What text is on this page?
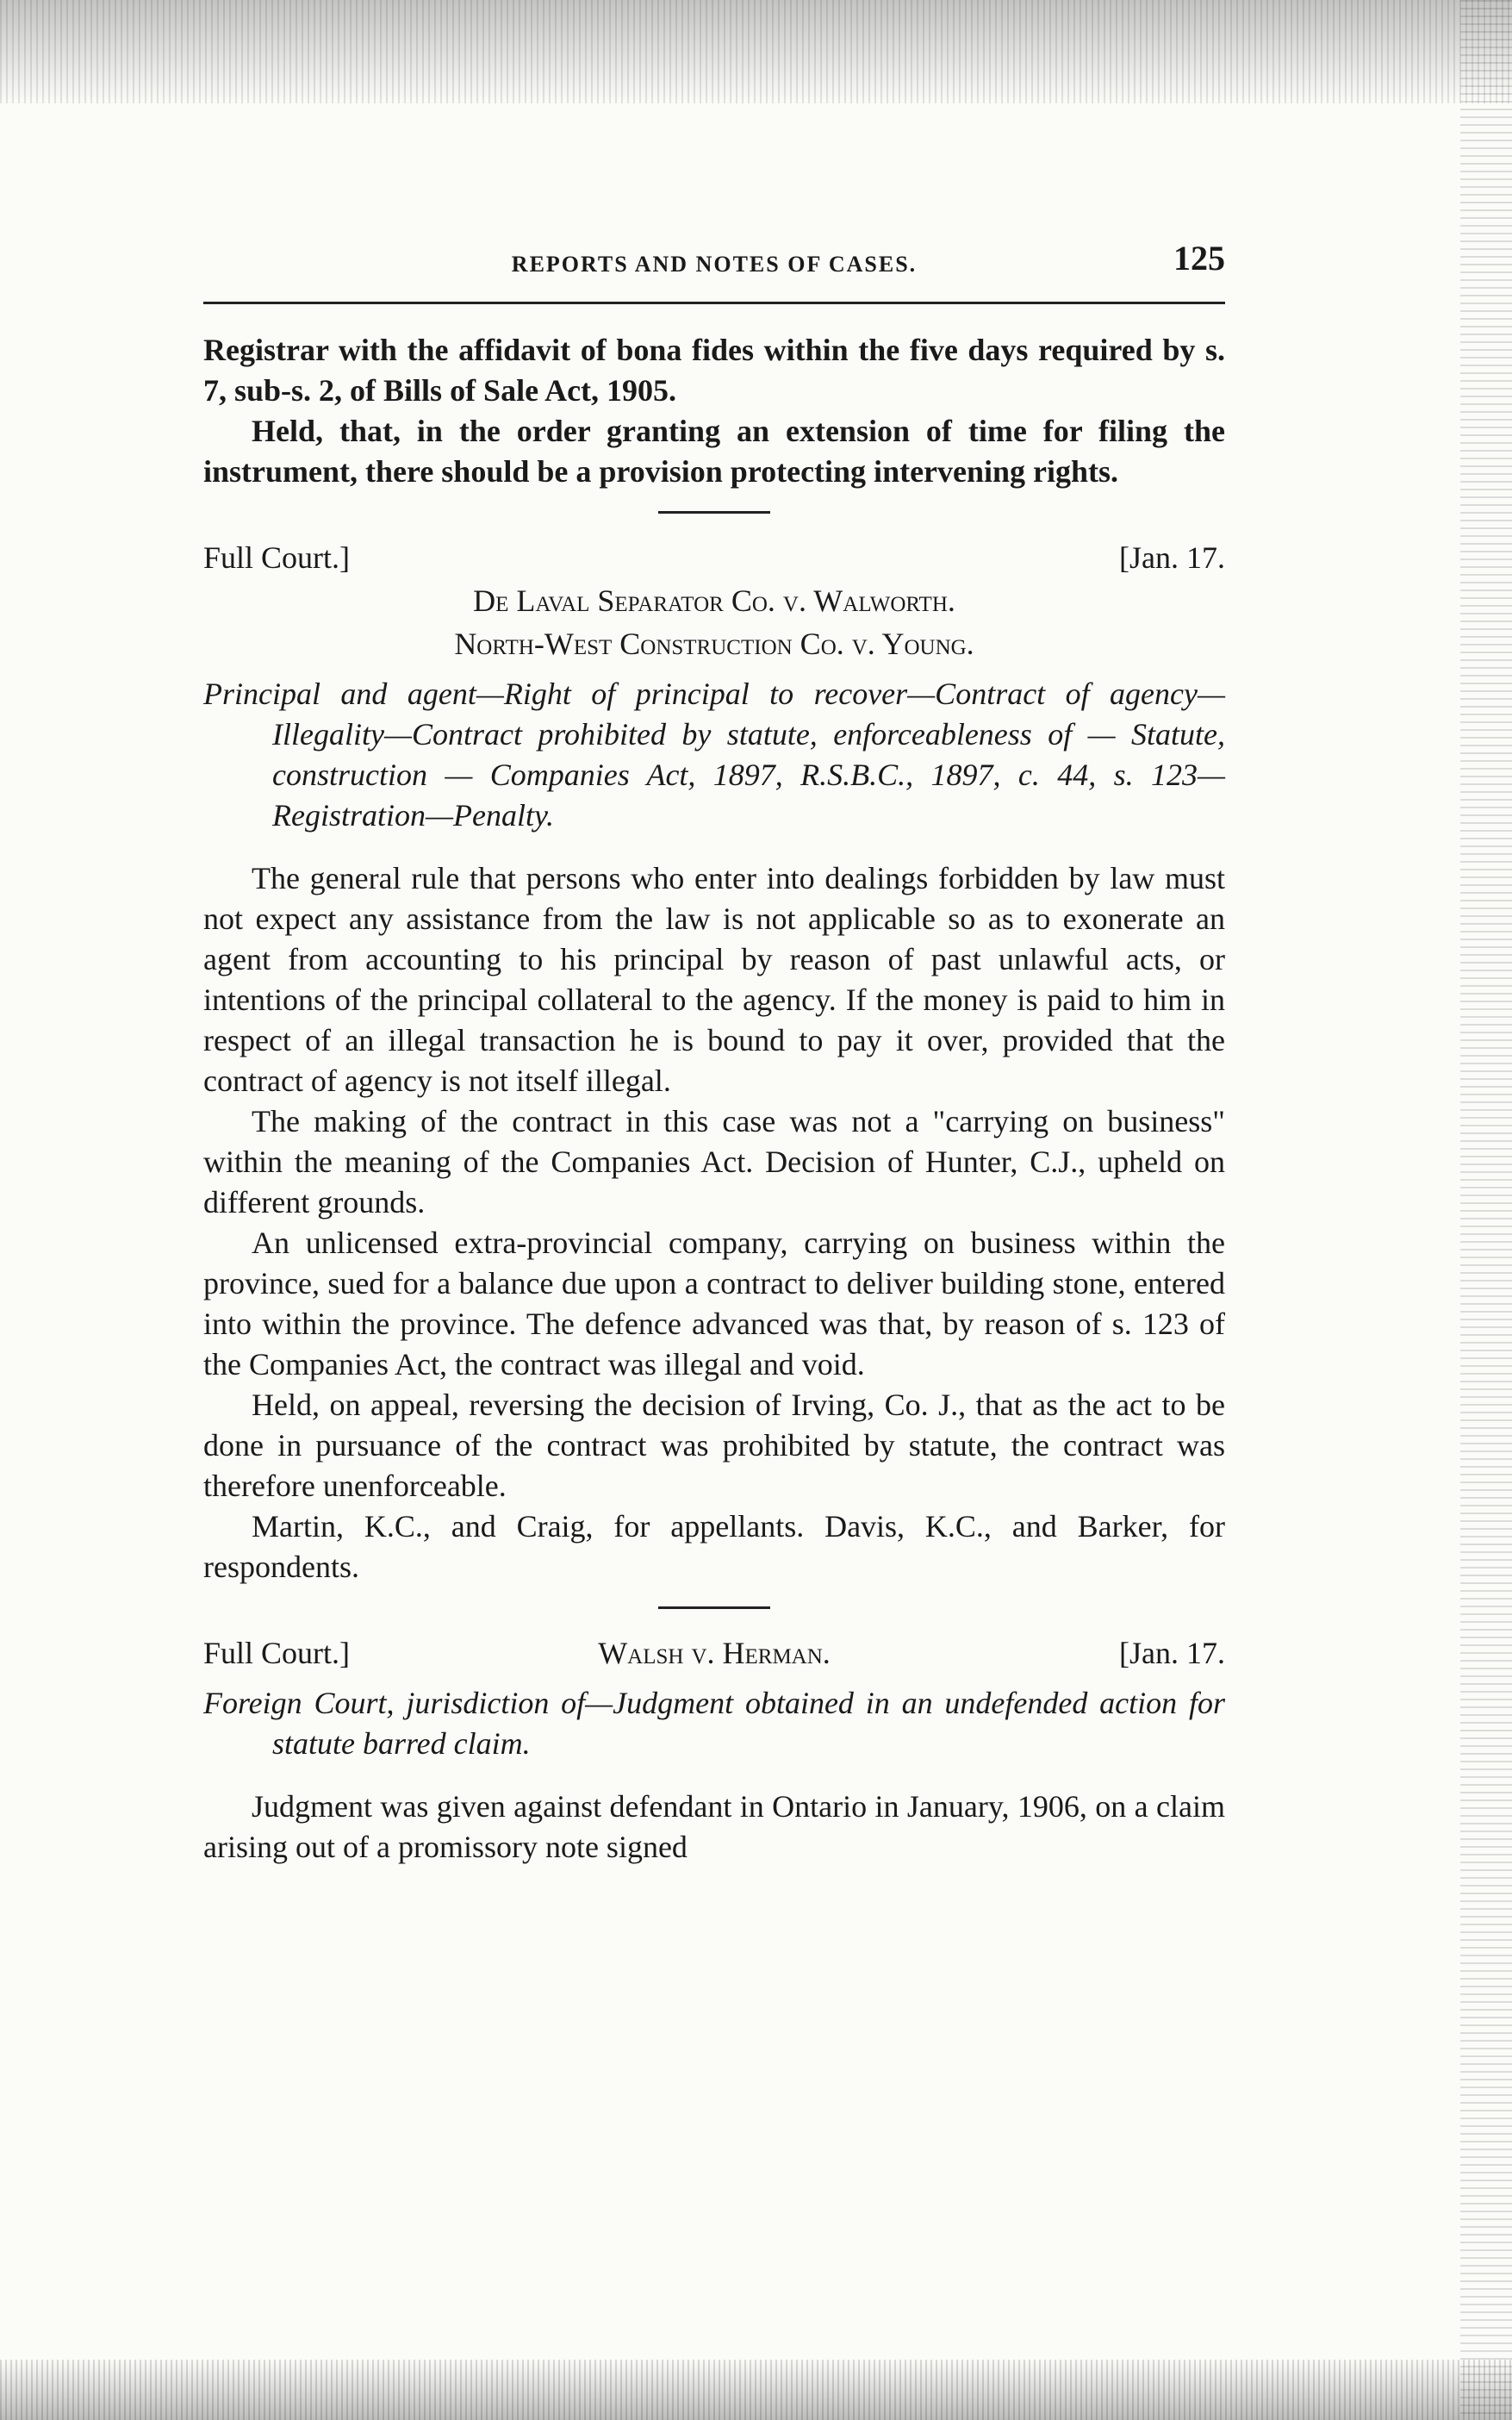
REPORTS AND NOTES OF CASES.	125

Registrar with the affidavit of bona fides within the five days required by s. 7, sub-s. 2, of Bills of Sale Act, 1905.

Held, that, in the order granting an extension of time for filing the instrument, there should be a provision protecting intervening rights.

Full Court.]	[Jan. 17.
De Laval Separator Co. v. Walworth.
North-West Construction Co. v. Young.
Principal and agent—Right of principal to recover—Contract of agency—Illegality—Contract prohibited by statute, enforceableness of — Statute, construction — Companies Act, 1897, R.S.B.C., 1897, c. 44, s. 123—Registration—Penalty.

The general rule that persons who enter into dealings forbidden by law must not expect any assistance from the law is not applicable so as to exonerate an agent from accounting to his principal by reason of past unlawful acts, or intentions of the principal collateral to the agency. If the money is paid to him in respect of an illegal transaction he is bound to pay it over, provided that the contract of agency is not itself illegal.

The making of the contract in this case was not a "carrying on business" within the meaning of the Companies Act. Decision of Hunter, C.J., upheld on different grounds.

An unlicensed extra-provincial company, carrying on business within the province, sued for a balance due upon a contract to deliver building stone, entered into within the province. The defence advanced was that, by reason of s. 123 of the Companies Act, the contract was illegal and void.

Held, on appeal, reversing the decision of Irving, Co. J., that as the act to be done in pursuance of the contract was prohibited by statute, the contract was therefore unenforceable.

Martin, K.C., and Craig, for appellants. Davis, K.C., and Barker, for respondents.

Full Court.]	Walsh v. Herman.	[Jan. 17.
Foreign Court, jurisdiction of—Judgment obtained in an undefended action for statute barred claim.

Judgment was given against defendant in Ontario in January, 1906, on a claim arising out of a promissory note signed
